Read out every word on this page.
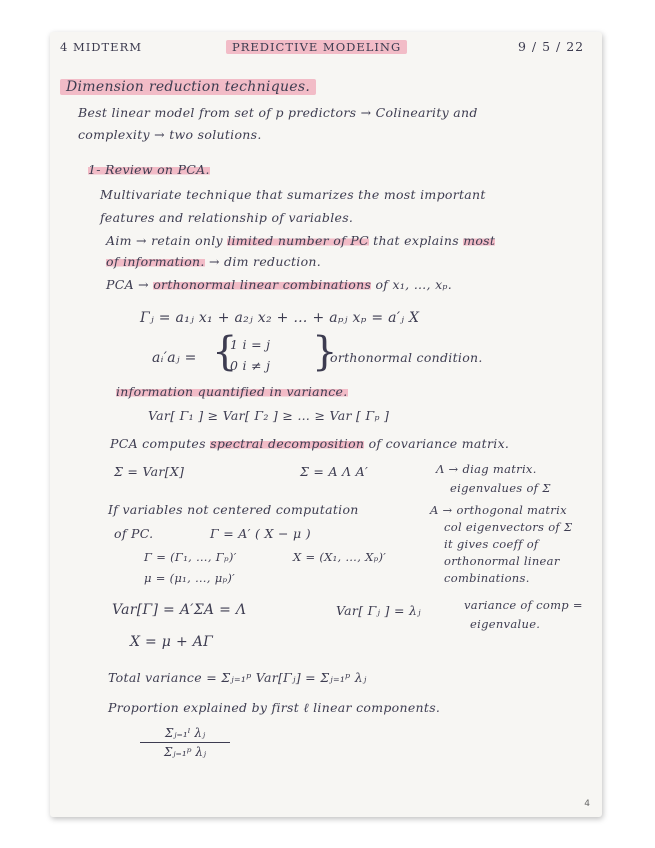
4 MIDTERM	PREDICTIVE MODELING	9 / 5 / 22
Dimension reduction techniques.
Best linear model from set of p predictors → Colinearity and
complexity → two solutions.
1- Review on PCA.
Multivariate technique that sumarizes the most important
features and relationship of variables.
Aim → retain only limited number of PC that explains most
of information. → dim reduction.
PCA → orthonormal linear combinations of x₁, …, xₚ.
Γⱼ = a₁ⱼ x₁ + a₂ⱼ x₂ + … + aₚⱼ xₚ = a′ⱼ X
aᵢ′aⱼ = {
1 i = j
0 i ≠ j }
orthonormal condition.
information quantified in variance.
Var[ Γ₁ ] ≥ Var[ Γ₂ ] ≥ … ≥ Var [ Γₚ ]
PCA computes spectral decomposition of covariance matrix.
Σ = Var[X]	Σ = A Λ A′	Λ → diag matrix.
eigenvalues of Σ
If variables not centered computation
of PC.	Γ = A′ ( X − μ )
Γ = (Γ₁, …, Γₚ)′	X = (X₁, …, Xₚ)′
μ = (μ₁, …, μₚ)′
A → orthogonal matrix
col eigenvectors of Σ
it gives coeff of
orthonormal linear
combinations.
Var[Γ] = A′ΣA = Λ	Var[ Γⱼ ] = λⱼ	variance of comp =
eigenvalue.
X = μ + AΓ
Total variance = Σⱼ₌₁ᵖ Var[Γⱼ] = Σⱼ₌₁ᵖ λⱼ
Proportion explained by first ℓ linear components.
Σⱼ₌₁ˡ λⱼ
Σⱼ₌₁ᵖ λⱼ
4
